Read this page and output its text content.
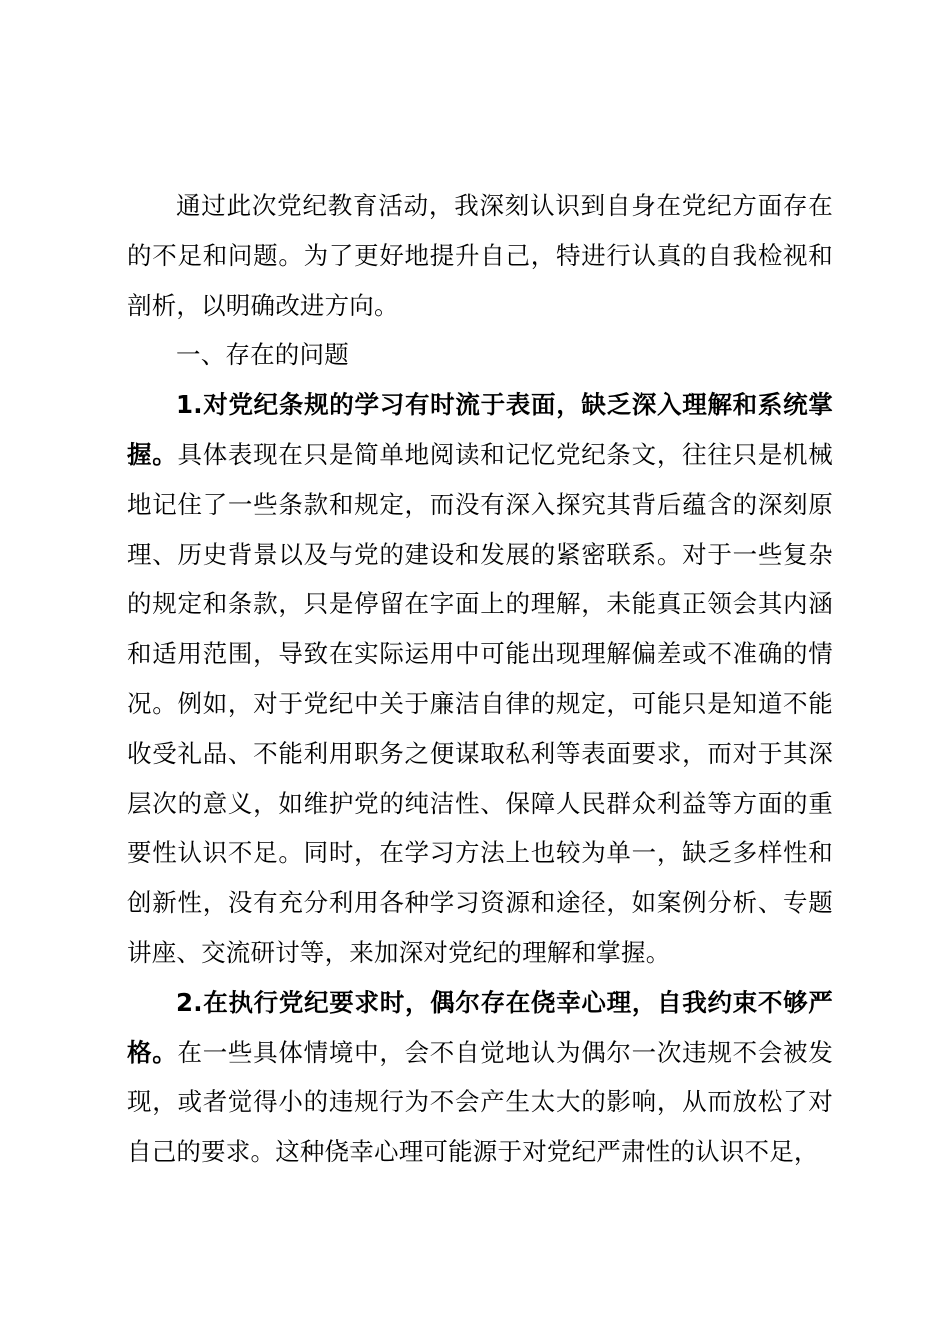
通过此次党纪教育活动，我深刻认识到自身在党纪方面存在的不足和问题。为了更好地提升自己，特进行认真的自我检视和剖析，以明确改进方向。

一、存在的问题

1.对党纪条规的学习有时流于表面，缺乏深入理解和系统掌握。具体表现在只是简单地阅读和记忆党纪条文，往往只是机械地记住了一些条款和规定，而没有深入探究其背后蕴含的深刻原理、历史背景以及与党的建设和发展的紧密联系。对于一些复杂的规定和条款，只是停留在字面上的理解，未能真正领会其内涵和适用范围，导致在实际运用中可能出现理解偏差或不准确的情况。例如，对于党纪中关于廉洁自律的规定，可能只是知道不能收受礼品、不能利用职务之便谋取私利等表面要求，而对于其深层次的意义，如维护党的纯洁性、保障人民群众利益等方面的重要性认识不足。同时，在学习方法上也较为单一，缺乏多样性和创新性，没有充分利用各种学习资源和途径，如案例分析、专题讲座、交流研讨等，来加深对党纪的理解和掌握。

2.在执行党纪要求时，偶尔存在侥幸心理，自我约束不够严格。在一些具体情境中，会不自觉地认为偶尔一次违规不会被发现，或者觉得小的违规行为不会产生太大的影响，从而放松了对自己的要求。这种侥幸心理可能源于对党纪严肃性的认识不足，
